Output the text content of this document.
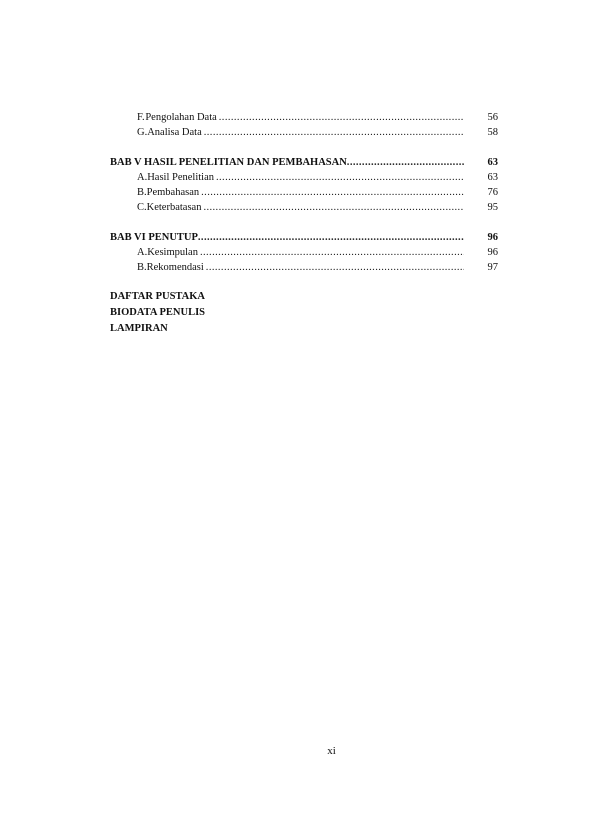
F. Pengolahan Data .....	56
G. Analisa Data .....	58
BAB V HASIL PENELITIAN DAN PEMBAHASAN .....	63
A. Hasil Penelitian .....	63
B. Pembahasan .....	76
C. Keterbatasan .....	95
BAB VI PENUTUP .....	96
A. Kesimpulan .....	96
B. Rekomendasi .....	97
DAFTAR PUSTAKA
BIODATA PENULIS
LAMPIRAN
xi
